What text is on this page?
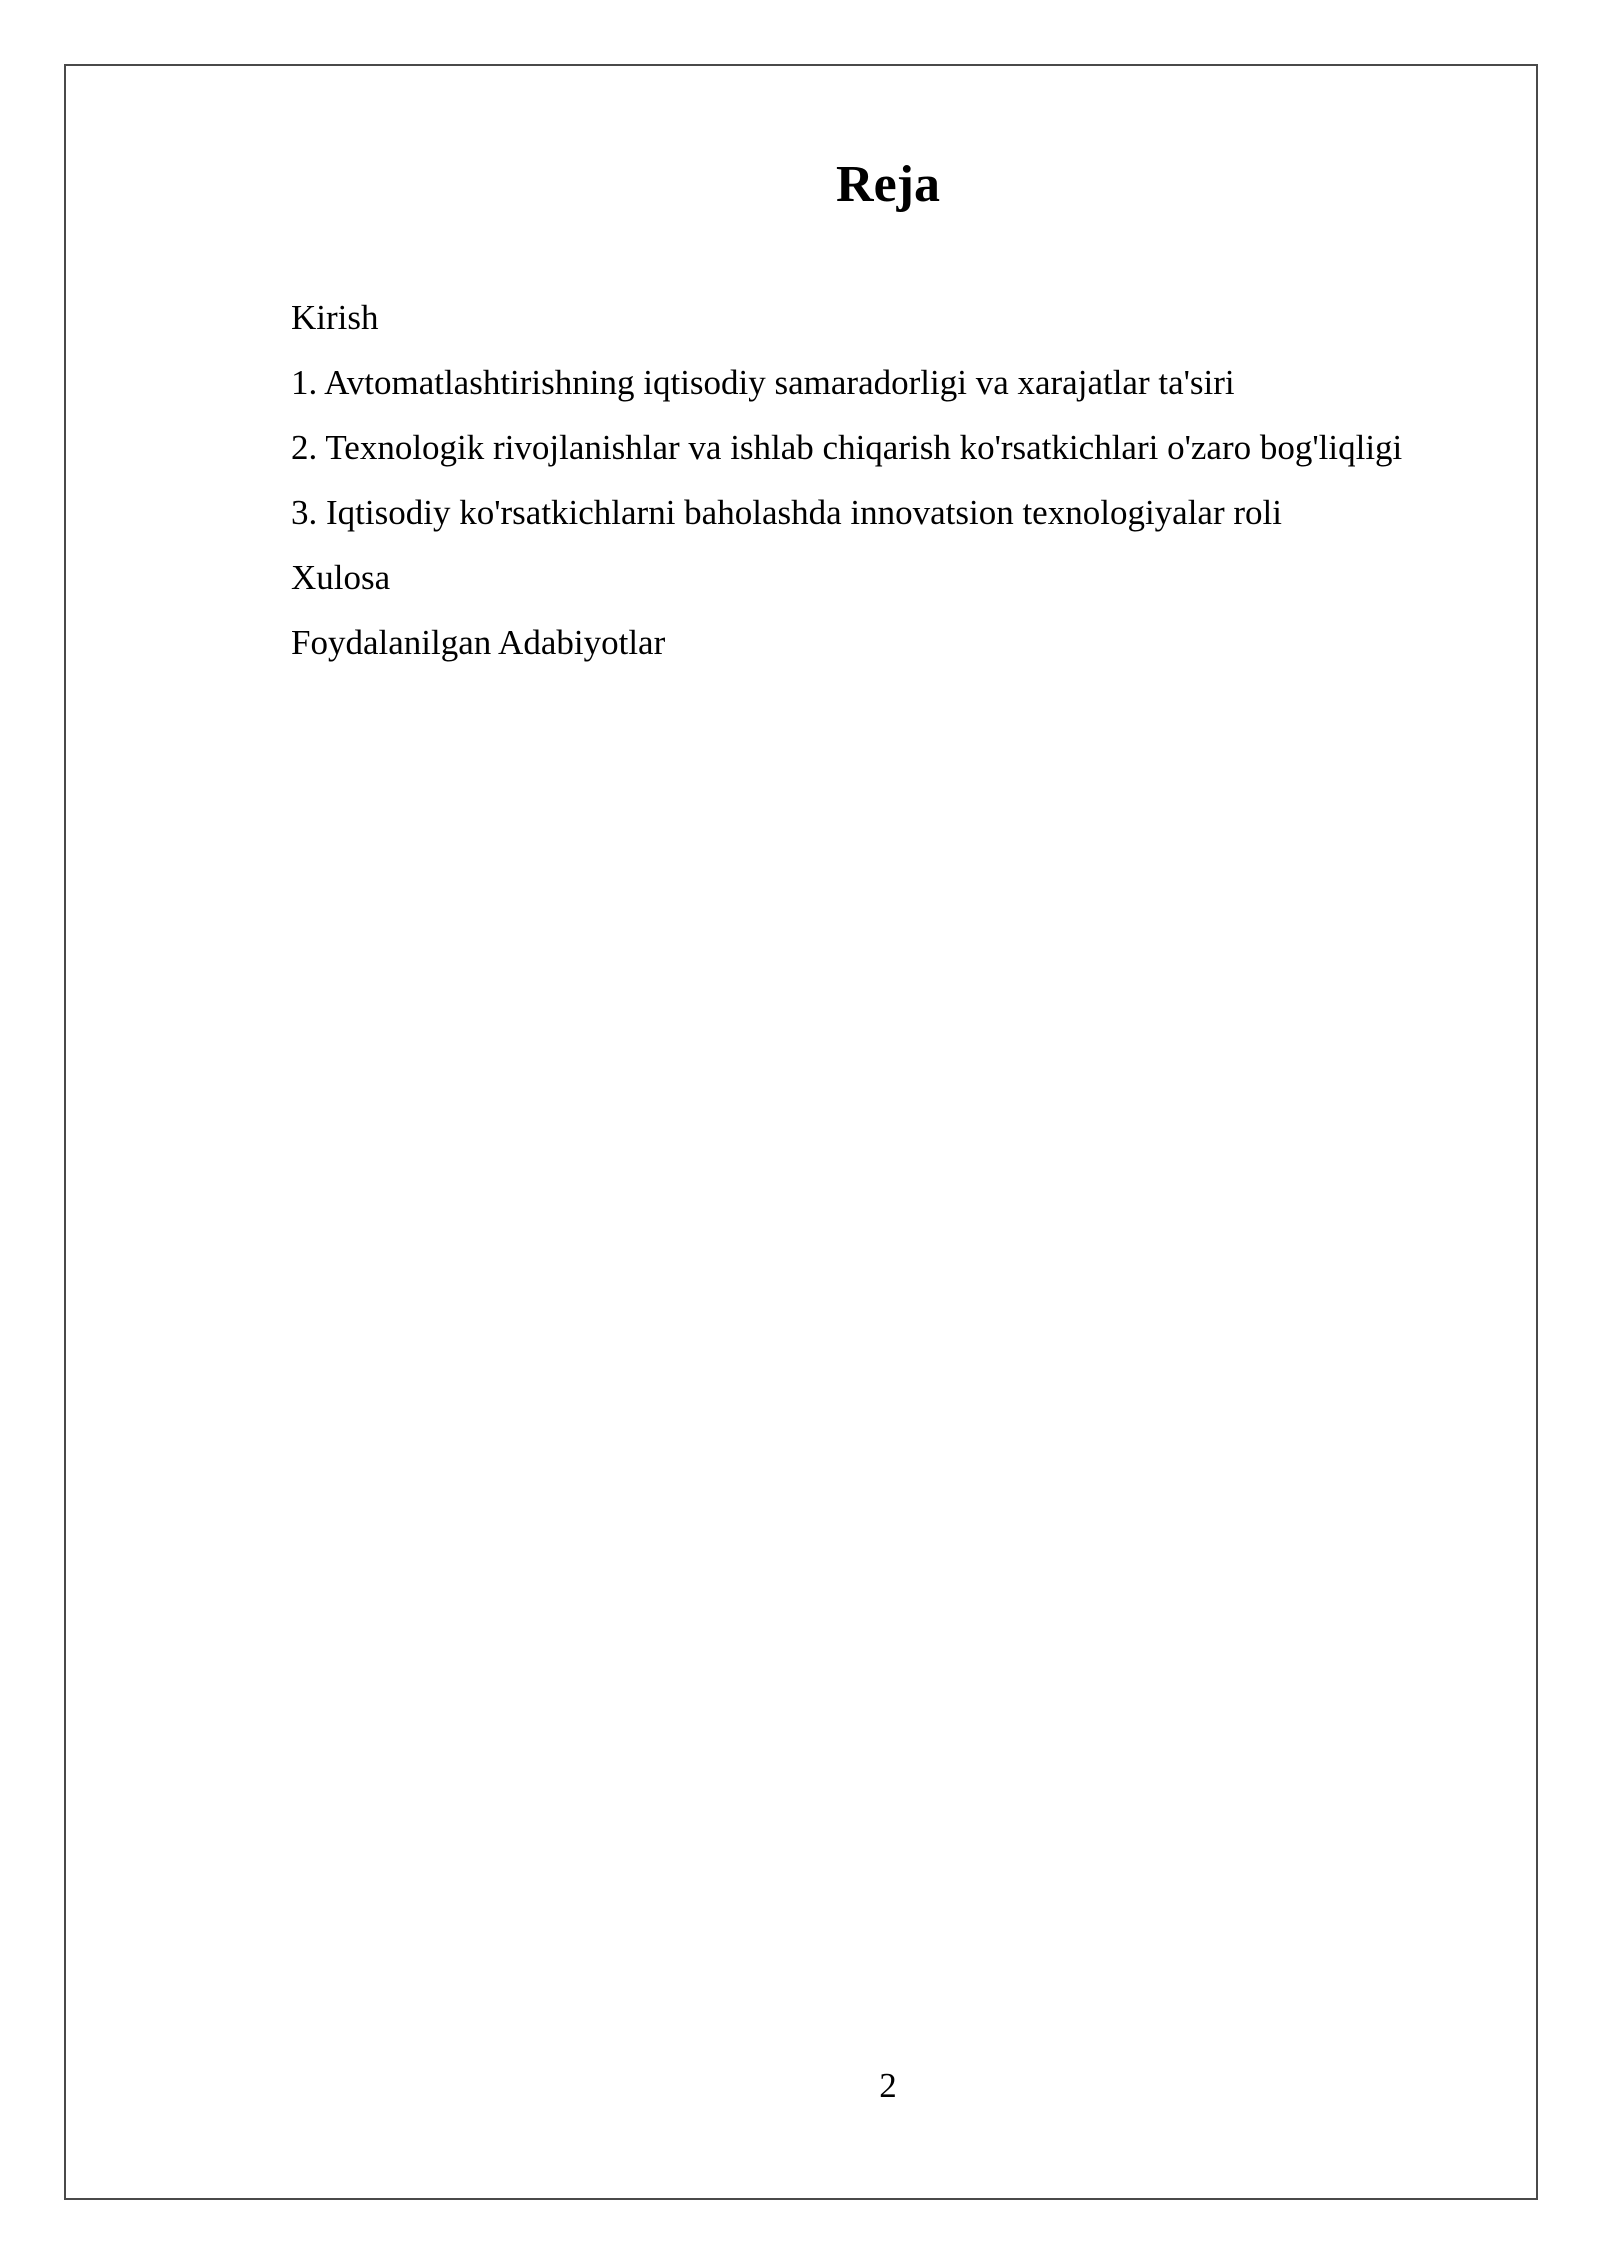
Reja

Kirish

1. Avtomatlashtirishning iqtisodiy samaradorligi va xarajatlar ta'siri

2. Texnologik rivojlanishlar va ishlab chiqarish ko'rsatkichlari o'zaro bog'liqligi

3. Iqtisodiy ko'rsatkichlarni baholashda innovatsion texnologiyalar roli

Xulosa

Foydalanilgan Adabiyotlar

2
